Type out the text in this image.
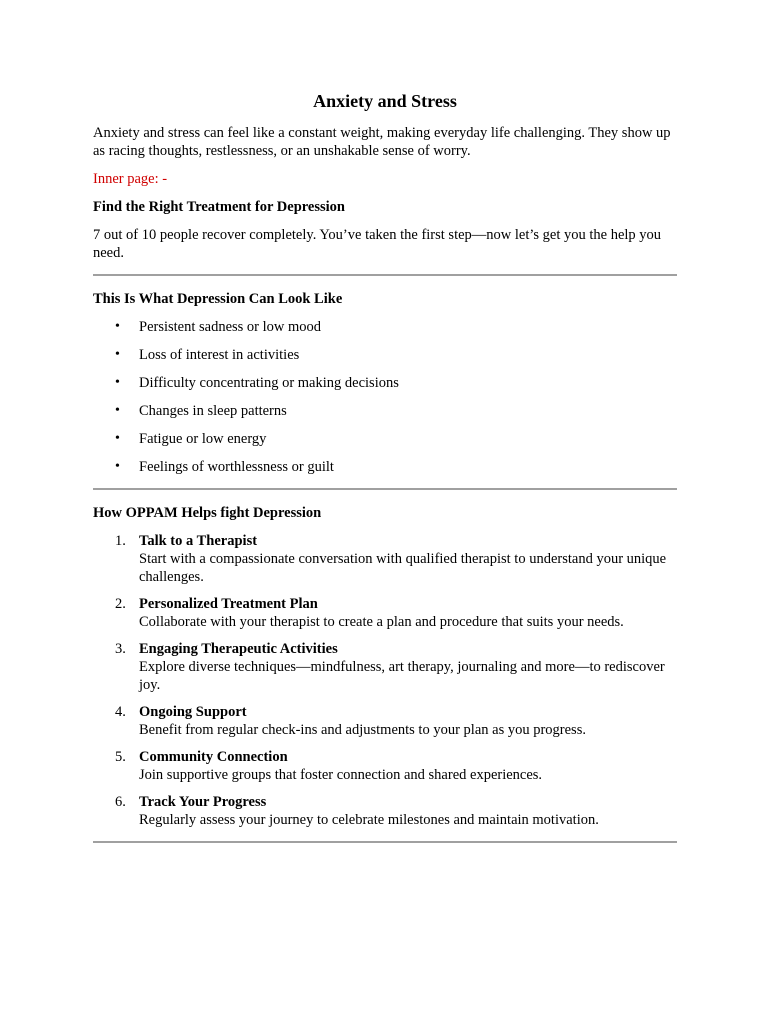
Anxiety and Stress

Anxiety and stress can feel like a constant weight, making everyday life challenging. They show up as racing thoughts, restlessness, or an unshakable sense of worry.

Inner page: -

Find the Right Treatment for Depression

7 out of 10 people recover completely. You’ve taken the first step—now let’s get you the help you need.

This Is What Depression Can Look Like

• Persistent sadness or low mood
• Loss of interest in activities
• Difficulty concentrating or making decisions
• Changes in sleep patterns
• Fatigue or low energy
• Feelings of worthlessness or guilt

How OPPAM Helps fight Depression

1. Talk to a Therapist
Start with a compassionate conversation with qualified therapist to understand your unique challenges.
2. Personalized Treatment Plan
Collaborate with your therapist to create a plan and procedure that suits your needs.
3. Engaging Therapeutic Activities
Explore diverse techniques—mindfulness, art therapy, journaling and more—to rediscover joy.
4. Ongoing Support
Benefit from regular check-ins and adjustments to your plan as you progress.
5. Community Connection
Join supportive groups that foster connection and shared experiences.
6. Track Your Progress
Regularly assess your journey to celebrate milestones and maintain motivation.
